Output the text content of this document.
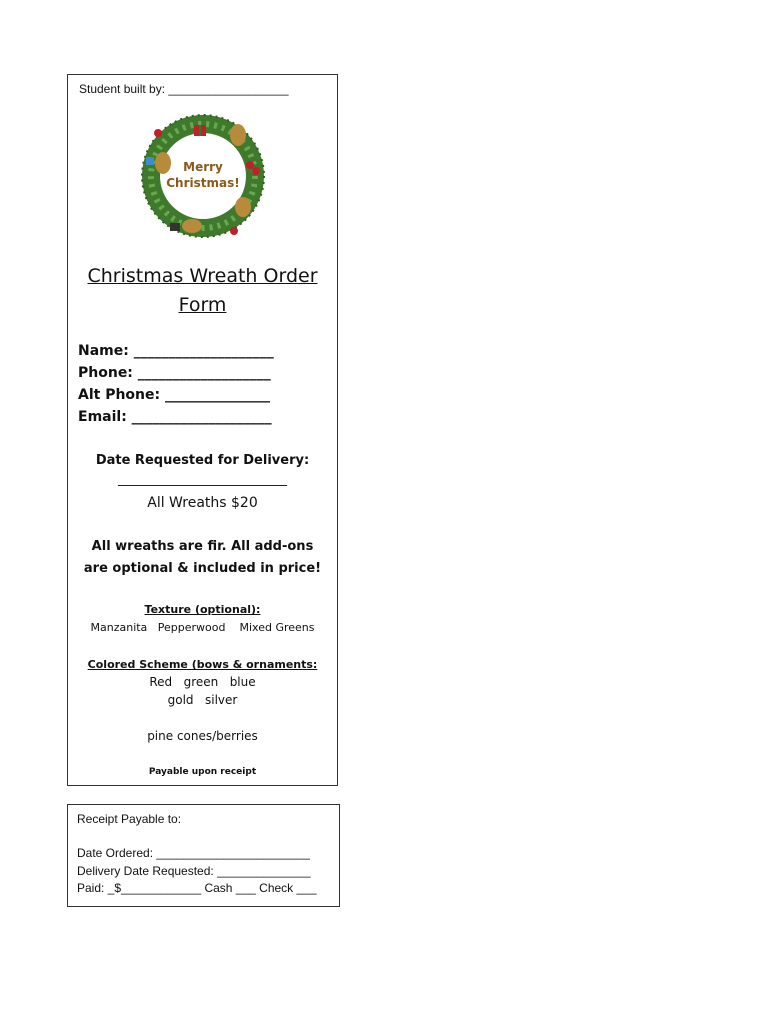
Student built by: __________________
Merry
Christmas!
Christmas Wreath Order
Form
Name: ____________________
Phone: ___________________
Alt Phone: _______________
Email: ____________________
Date Requested for Delivery:
__________________________
All Wreaths $20
All wreaths are fir. All add-ons
are optional & included in price!
Texture (optional):
Manzanita   Pepperwood    Mixed Greens
Colored Scheme (bows & ornaments:
Red   green   blue
gold   silver
pine cones/berries
Payable upon receipt
Receipt Payable to:
Date Ordered: _______________________
Delivery Date Requested: ______________
Paid: _$____________ Cash ___ Check ___
